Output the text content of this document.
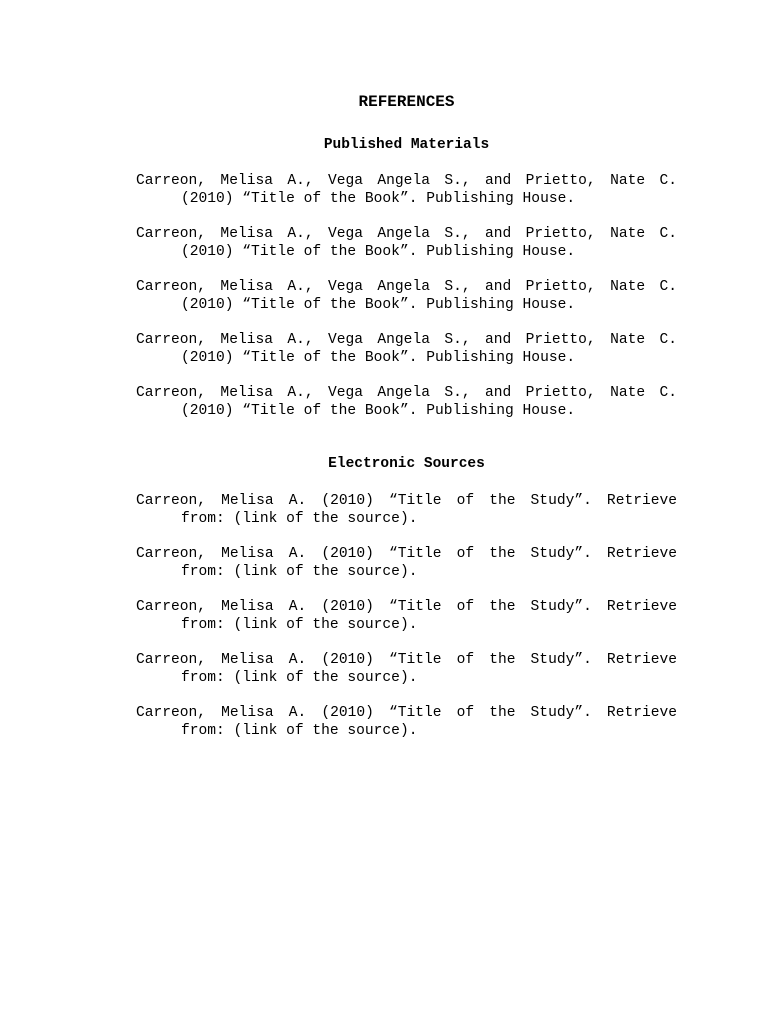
REFERENCES
Published Materials
Carreon, Melisa A., Vega Angela S., and Prietto, Nate C. (2010) “Title of the Book”. Publishing House.
Carreon, Melisa A., Vega Angela S., and Prietto, Nate C. (2010) “Title of the Book”. Publishing House.
Carreon, Melisa A., Vega Angela S., and Prietto, Nate C. (2010) “Title of the Book”. Publishing House.
Carreon, Melisa A., Vega Angela S., and Prietto, Nate C. (2010) “Title of the Book”. Publishing House.
Carreon, Melisa A., Vega Angela S., and Prietto, Nate C. (2010) “Title of the Book”. Publishing House.
Electronic Sources
Carreon, Melisa A. (2010) “Title of the Study”. Retrieve from: (link of the source).
Carreon, Melisa A. (2010) “Title of the Study”. Retrieve from: (link of the source).
Carreon, Melisa A. (2010) “Title of the Study”. Retrieve from: (link of the source).
Carreon, Melisa A. (2010) “Title of the Study”. Retrieve from: (link of the source).
Carreon, Melisa A. (2010) “Title of the Study”. Retrieve from: (link of the source).
